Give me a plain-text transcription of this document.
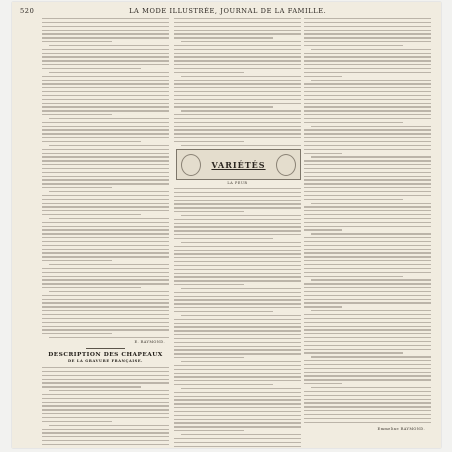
520	LA MODE ILLUSTRÉE, JOURNAL DE LA FAMILLE.
E. RAYMOND.
DESCRIPTION DES CHAPEAUX
DE LA GRAVURE FRANÇAISE.
VARIÉTÉS
LA PEUR
Emmeline RAYMOND.
